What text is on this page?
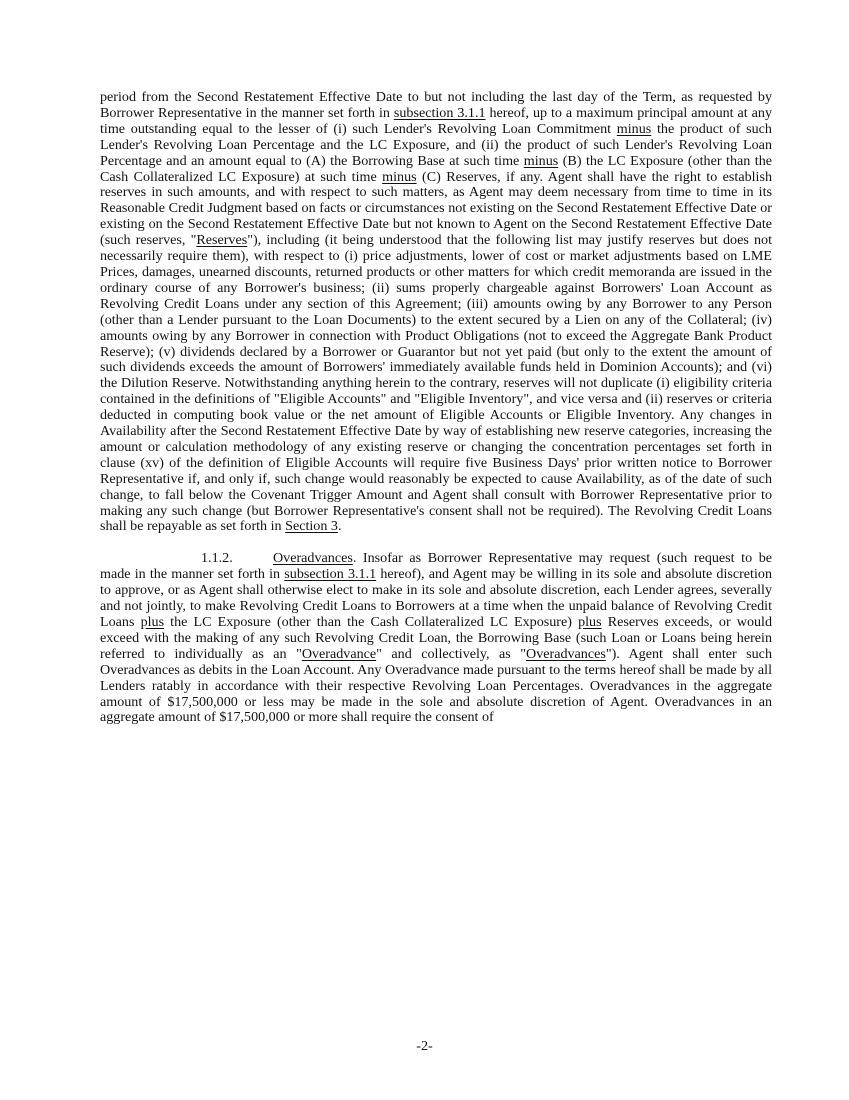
period from the Second Restatement Effective Date to but not including the last day of the Term, as requested by Borrower Representative in the manner set forth in subsection 3.1.1 hereof, up to a maximum principal amount at any time outstanding equal to the lesser of (i) such Lender's Revolving Loan Commitment minus the product of such Lender's Revolving Loan Percentage and the LC Exposure, and (ii) the product of such Lender's Revolving Loan Percentage and an amount equal to (A) the Borrowing Base at such time minus (B) the LC Exposure (other than the Cash Collateralized LC Exposure) at such time minus (C) Reserves, if any. Agent shall have the right to establish reserves in such amounts, and with respect to such matters, as Agent may deem necessary from time to time in its Reasonable Credit Judgment based on facts or circumstances not existing on the Second Restatement Effective Date or existing on the Second Restatement Effective Date but not known to Agent on the Second Restatement Effective Date (such reserves, "Reserves"), including (it being understood that the following list may justify reserves but does not necessarily require them), with respect to (i) price adjustments, lower of cost or market adjustments based on LME Prices, damages, unearned discounts, returned products or other matters for which credit memoranda are issued in the ordinary course of any Borrower's business; (ii) sums properly chargeable against Borrowers' Loan Account as Revolving Credit Loans under any section of this Agreement; (iii) amounts owing by any Borrower to any Person (other than a Lender pursuant to the Loan Documents) to the extent secured by a Lien on any of the Collateral; (iv) amounts owing by any Borrower in connection with Product Obligations (not to exceed the Aggregate Bank Product Reserve); (v) dividends declared by a Borrower or Guarantor but not yet paid (but only to the extent the amount of such dividends exceeds the amount of Borrowers' immediately available funds held in Dominion Accounts); and (vi) the Dilution Reserve. Notwithstanding anything herein to the contrary, reserves will not duplicate (i) eligibility criteria contained in the definitions of "Eligible Accounts" and "Eligible Inventory", and vice versa and (ii) reserves or criteria deducted in computing book value or the net amount of Eligible Accounts or Eligible Inventory. Any changes in Availability after the Second Restatement Effective Date by way of establishing new reserve categories, increasing the amount or calculation methodology of any existing reserve or changing the concentration percentages set forth in clause (xv) of the definition of Eligible Accounts will require five Business Days' prior written notice to Borrower Representative if, and only if, such change would reasonably be expected to cause Availability, as of the date of such change, to fall below the Covenant Trigger Amount and Agent shall consult with Borrower Representative prior to making any such change (but Borrower Representative's consent shall not be required). The Revolving Credit Loans shall be repayable as set forth in Section 3.

1.1.2.	Overadvances. Insofar as Borrower Representative may request (such request to be made in the manner set forth in subsection 3.1.1 hereof), and Agent may be willing in its sole and absolute discretion to approve, or as Agent shall otherwise elect to make in its sole and absolute discretion, each Lender agrees, severally and not jointly, to make Revolving Credit Loans to Borrowers at a time when the unpaid balance of Revolving Credit Loans plus the LC Exposure (other than the Cash Collateralized LC Exposure) plus Reserves exceeds, or would exceed with the making of any such Revolving Credit Loan, the Borrowing Base (such Loan or Loans being herein referred to individually as an "Overadvance" and collectively, as "Overadvances"). Agent shall enter such Overadvances as debits in the Loan Account. Any Overadvance made pursuant to the terms hereof shall be made by all Lenders ratably in accordance with their respective Revolving Loan Percentages. Overadvances in the aggregate amount of $17,500,000 or less may be made in the sole and absolute discretion of Agent. Overadvances in an aggregate amount of $17,500,000 or more shall require the consent of

-2-
